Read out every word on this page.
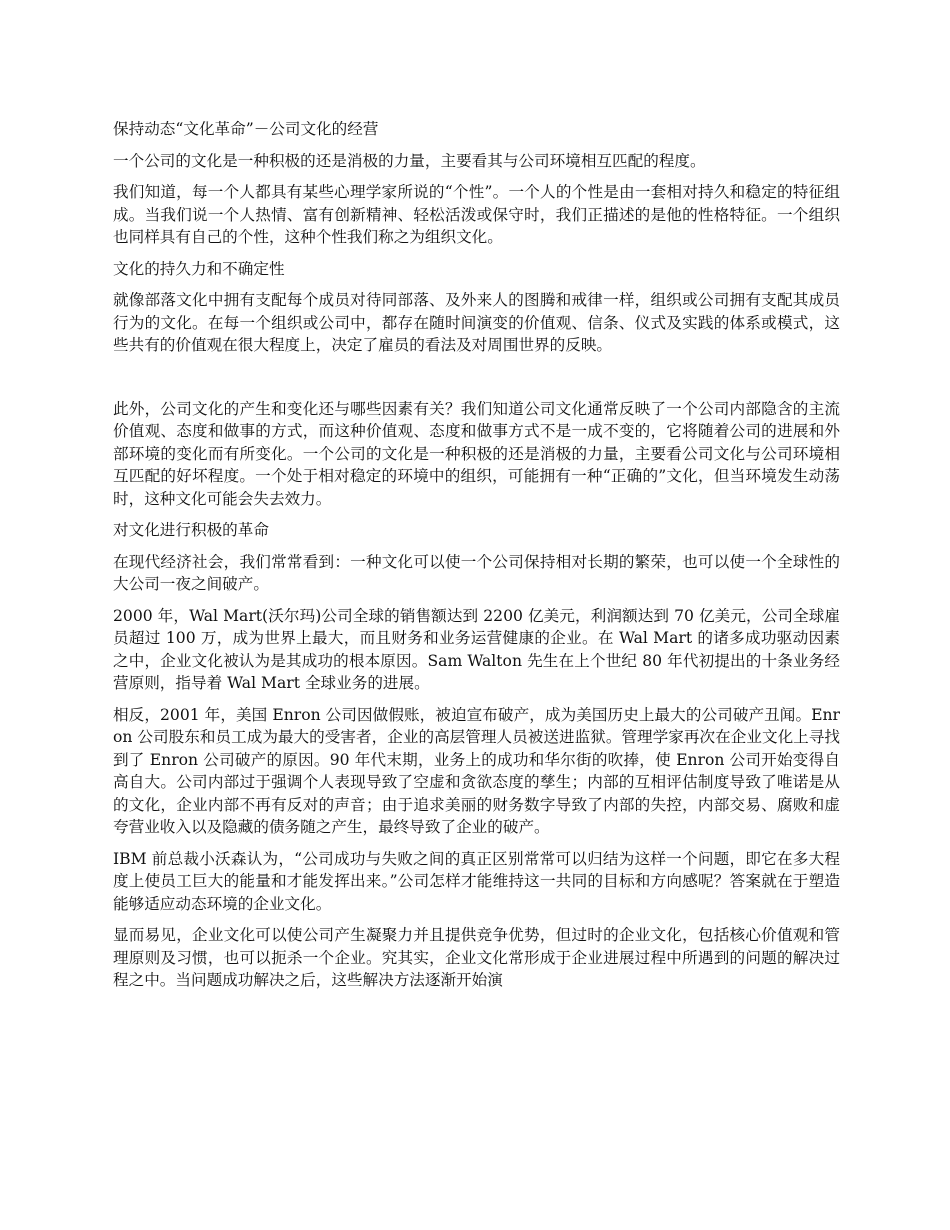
保持动态“文化革命”－公司文化的经营
一个公司的文化是一种积极的还是消极的力量，主要看其与公司环境相互匹配的程度。
我们知道，每一个人都具有某些心理学家所说的“个性”。一个人的个性是由一套相对持久和稳定的特征组成。当我们说一个人热情、富有创新精神、轻松活泼或保守时，我们正描述的是他的性格特征。一个组织也同样具有自己的个性，这种个性我们称之为组织文化。
文化的持久力和不确定性
就像部落文化中拥有支配每个成员对待同部落、及外来人的图腾和戒律一样，组织或公司拥有支配其成员行为的文化。在每一个组织或公司中，都存在随时间演变的价值观、信条、仪式及实践的体系或模式，这些共有的价值观在很大程度上，决定了雇员的看法及对周围世界的反映。
此外，公司文化的产生和变化还与哪些因素有关？我们知道公司文化通常反映了一个公司内部隐含的主流价值观、态度和做事的方式，而这种价值观、态度和做事方式不是一成不变的，它将随着公司的进展和外部环境的变化而有所变化。一个公司的文化是一种积极的还是消极的力量，主要看公司文化与公司环境相互匹配的好坏程度。一个处于相对稳定的环境中的组织，可能拥有一种“正确的”文化，但当环境发生动荡时，这种文化可能会失去效力。
对文化进行积极的革命
在现代经济社会，我们常常看到：一种文化可以使一个公司保持相对长期的繁荣，也可以使一个全球性的大公司一夜之间破产。
2000 年，Wal Mart(沃尔玛)公司全球的销售额达到 2200 亿美元，利润额达到 70 亿美元，公司全球雇员超过 100 万，成为世界上最大，而且财务和业务运营健康的企业。在 Wal Mart 的诸多成功驱动因素之中，企业文化被认为是其成功的根本原因。Sam Walton 先生在上个世纪 80 年代初提出的十条业务经营原则，指导着 Wal Mart 全球业务的进展。
相反，2001 年，美国 Enron 公司因做假账，被迫宣布破产，成为美国历史上最大的公司破产丑闻。Enron 公司股东和员工成为最大的受害者，企业的高层管理人员被送进监狱。管理学家再次在企业文化上寻找到了 Enron 公司破产的原因。90 年代末期，业务上的成功和华尔街的吹捧，使 Enron 公司开始变得自高自大。公司内部过于强调个人表现导致了空虚和贪欲态度的孳生；内部的互相评估制度导致了唯诺是从的文化，企业内部不再有反对的声音；由于追求美丽的财务数字导致了内部的失控，内部交易、腐败和虚夸营业收入以及隐藏的债务随之产生，最终导致了企业的破产。
IBM 前总裁小沃森认为，“公司成功与失败之间的真正区别常常可以归结为这样一个问题，即它在多大程度上使员工巨大的能量和才能发挥出来。”公司怎样才能维持这一共同的目标和方向感呢？答案就在于塑造能够适应动态环境的企业文化。
显而易见，企业文化可以使公司产生凝聚力并且提供竞争优势，但过时的企业文化，包括核心价值观和管理原则及习惯，也可以扼杀一个企业。究其实，企业文化常形成于企业进展过程中所遇到的问题的解决过程之中。当问题成功解决之后，这些解决方法逐渐开始演
